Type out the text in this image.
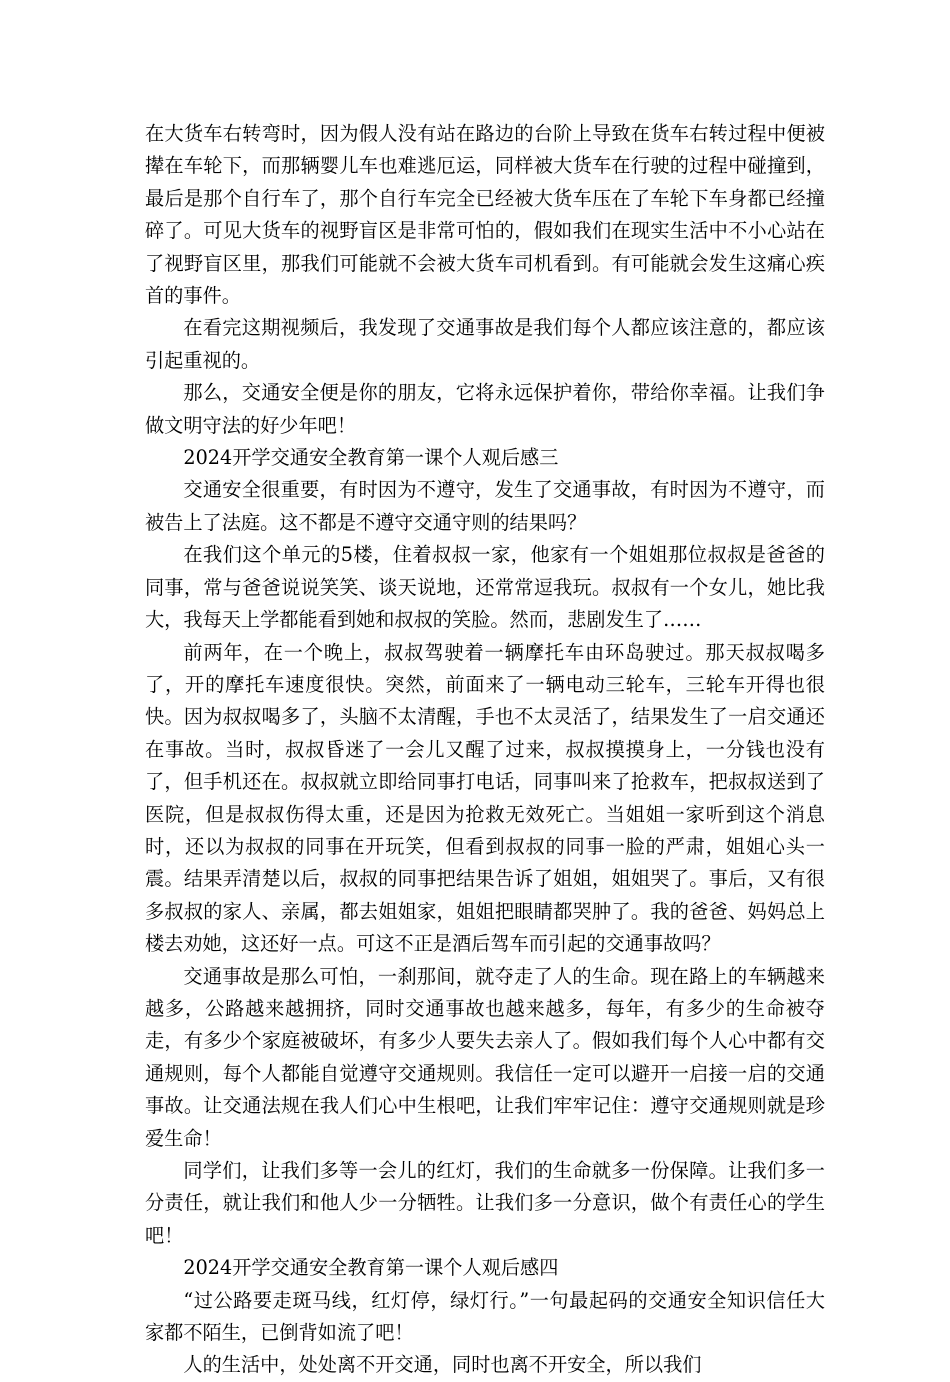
在大货车右转弯时，因为假人没有站在路边的台阶上导致在货车右转过程中便被撵在车轮下，而那辆婴儿车也难逃厄运，同样被大货车在行驶的过程中碰撞到，最后是那个自行车了，那个自行车完全已经被大货车压在了车轮下车身都已经撞碎了。可见大货车的视野盲区是非常可怕的，假如我们在现实生活中不小心站在了视野盲区里，那我们可能就不会被大货车司机看到。有可能就会发生这痛心疾首的事件。

在看完这期视频后，我发现了交通事故是我们每个人都应该注意的，都应该引起重视的。

那么，交通安全便是你的朋友，它将永远保护着你，带给你幸福。让我们争做文明守法的好少年吧！

2024开学交通安全教育第一课个人观后感三

交通安全很重要，有时因为不遵守，发生了交通事故，有时因为不遵守，而被告上了法庭。这不都是不遵守交通守则的结果吗？

在我们这个单元的5楼，住着叔叔一家，他家有一个姐姐那位叔叔是爸爸的同事，常与爸爸说说笑笑、谈天说地，还常常逗我玩。叔叔有一个女儿，她比我大，我每天上学都能看到她和叔叔的笑脸。然而，悲剧发生了……

前两年，在一个晚上，叔叔驾驶着一辆摩托车由环岛驶过。那天叔叔喝多了，开的摩托车速度很快。突然，前面来了一辆电动三轮车，三轮车开得也很快。因为叔叔喝多了，头脑不太清醒，手也不太灵活了，结果发生了一启交通还在事故。当时，叔叔昏迷了一会儿又醒了过来，叔叔摸摸身上，一分钱也没有了，但手机还在。叔叔就立即给同事打电话，同事叫来了抢救车，把叔叔送到了医院，但是叔叔伤得太重，还是因为抢救无效死亡。当姐姐一家听到这个消息时，还以为叔叔的同事在开玩笑，但看到叔叔的同事一脸的严肃，姐姐心头一震。结果弄清楚以后，叔叔的同事把结果告诉了姐姐，姐姐哭了。事后，又有很多叔叔的家人、亲属，都去姐姐家，姐姐把眼睛都哭肿了。我的爸爸、妈妈总上楼去劝她，这还好一点。可这不正是酒后驾车而引起的交通事故吗？

交通事故是那么可怕，一刹那间，就夺走了人的生命。现在路上的车辆越来越多，公路越来越拥挤，同时交通事故也越来越多，每年，有多少的生命被夺走，有多少个家庭被破坏，有多少人要失去亲人了。假如我们每个人心中都有交通规则，每个人都能自觉遵守交通规则。我信任一定可以避开一启接一启的交通事故。让交通法规在我人们心中生根吧，让我们牢牢记住：遵守交通规则就是珍爱生命！

同学们，让我们多等一会儿的红灯，我们的生命就多一份保障。让我们多一分责任，就让我们和他人少一分牺牲。让我们多一分意识，做个有责任心的学生吧！

2024开学交通安全教育第一课个人观后感四

“过公路要走斑马线，红灯停，绿灯行。”一句最起码的交通安全知识信任大家都不陌生，已倒背如流了吧！

人的生活中，处处离不开交通，同时也离不开安全，所以我们
